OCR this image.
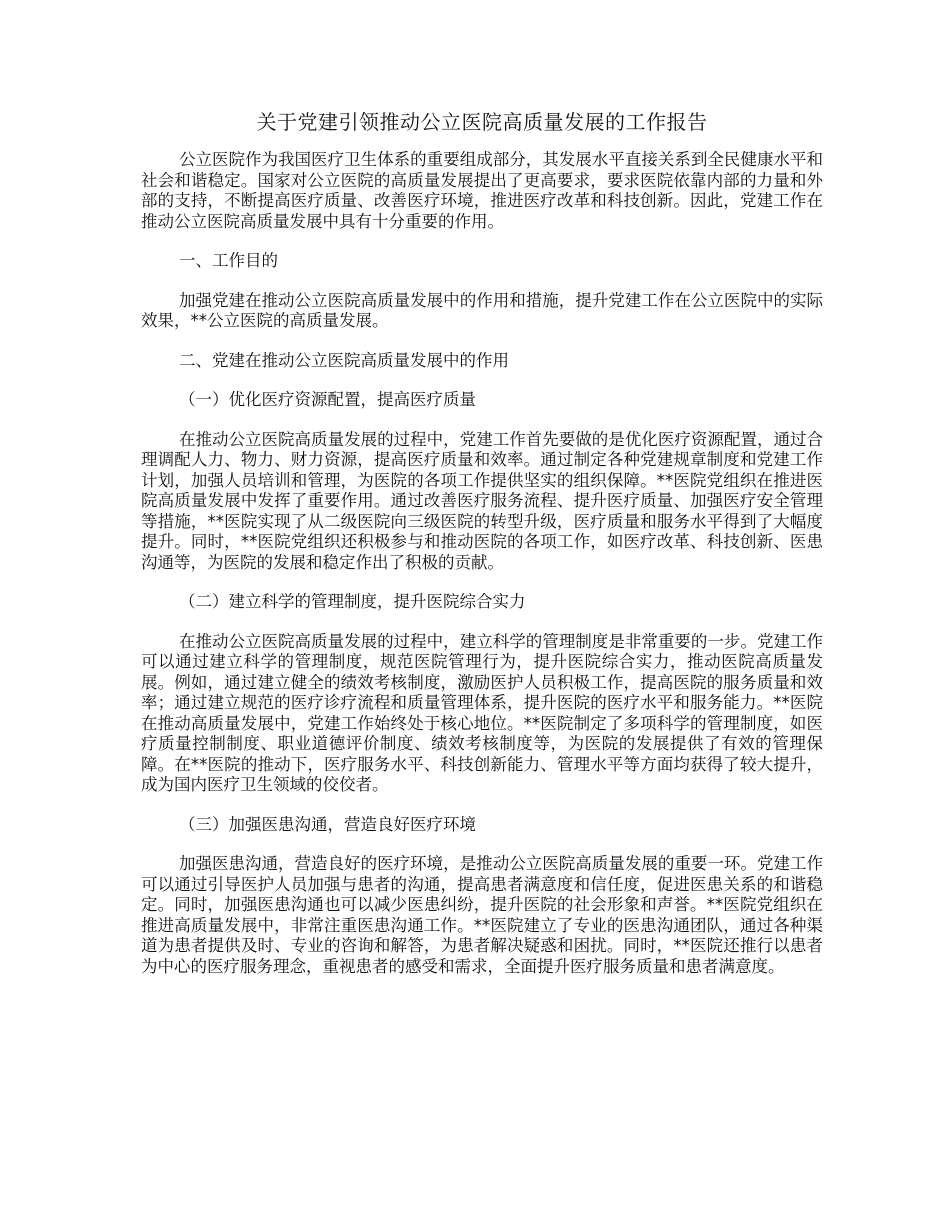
关于党建引领推动公立医院高质量发展的工作报告

公立医院作为我国医疗卫生体系的重要组成部分，其发展水平直接关系到全民健康水平和社会和谐稳定。国家对公立医院的高质量发展提出了更高要求，要求医院依靠内部的力量和外部的支持，不断提高医疗质量、改善医疗环境，推进医疗改革和科技创新。因此，党建工作在推动公立医院高质量发展中具有十分重要的作用。

一、工作目的

加强党建在推动公立医院高质量发展中的作用和措施，提升党建工作在公立医院中的实际效果，**公立医院的高质量发展。

二、党建在推动公立医院高质量发展中的作用

（一）优化医疗资源配置，提高医疗质量

在推动公立医院高质量发展的过程中，党建工作首先要做的是优化医疗资源配置，通过合理调配人力、物力、财力资源，提高医疗质量和效率。通过制定各种党建规章制度和党建工作计划，加强人员培训和管理，为医院的各项工作提供坚实的组织保障。**医院党组织在推进医院高质量发展中发挥了重要作用。通过改善医疗服务流程、提升医疗质量、加强医疗安全管理等措施，**医院实现了从二级医院向三级医院的转型升级，医疗质量和服务水平得到了大幅度提升。同时，**医院党组织还积极参与和推动医院的各项工作，如医疗改革、科技创新、医患沟通等，为医院的发展和稳定作出了积极的贡献。

（二）建立科学的管理制度，提升医院综合实力

在推动公立医院高质量发展的过程中，建立科学的管理制度是非常重要的一步。党建工作可以通过建立科学的管理制度，规范医院管理行为，提升医院综合实力，推动医院高质量发展。例如，通过建立健全的绩效考核制度，激励医护人员积极工作，提高医院的服务质量和效率；通过建立规范的医疗诊疗流程和质量管理体系，提升医院的医疗水平和服务能力。**医院在推动高质量发展中，党建工作始终处于核心地位。**医院制定了多项科学的管理制度，如医疗质量控制制度、职业道德评价制度、绩效考核制度等，为医院的发展提供了有效的管理保障。在**医院的推动下，医疗服务水平、科技创新能力、管理水平等方面均获得了较大提升，成为国内医疗卫生领域的佼佼者。

（三）加强医患沟通，营造良好医疗环境

加强医患沟通，营造良好的医疗环境，是推动公立医院高质量发展的重要一环。党建工作可以通过引导医护人员加强与患者的沟通，提高患者满意度和信任度，促进医患关系的和谐稳定。同时，加强医患沟通也可以减少医患纠纷，提升医院的社会形象和声誉。**医院党组织在推进高质量发展中，非常注重医患沟通工作。**医院建立了专业的医患沟通团队，通过各种渠道为患者提供及时、专业的咨询和解答，为患者解决疑惑和困扰。同时，**医院还推行以患者为中心的医疗服务理念，重视患者的感受和需求，全面提升医疗服务质量和患者满意度。
